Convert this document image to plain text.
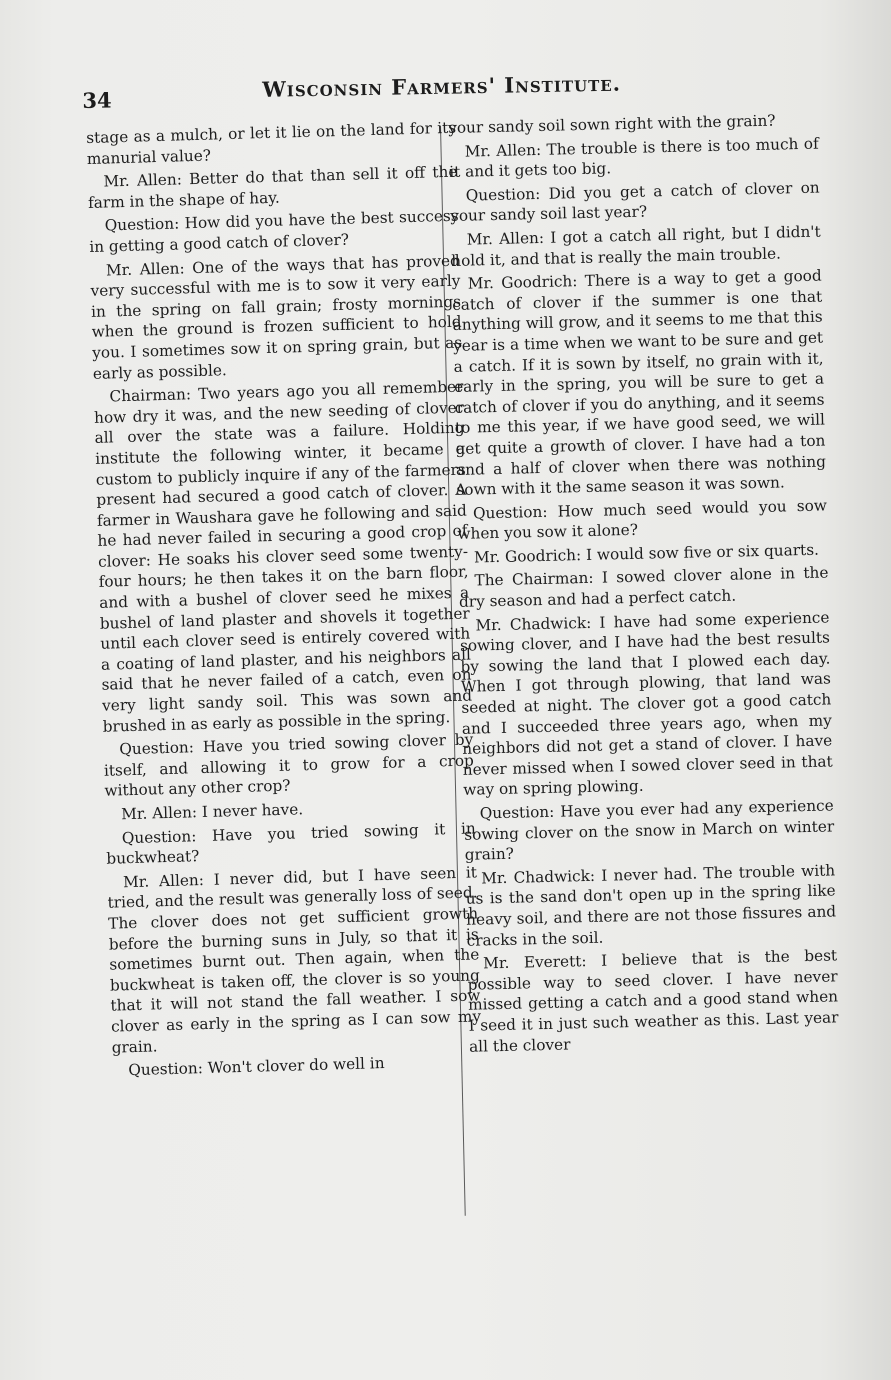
34	Wisconsin Farmers' Institute.

stage as a mulch, or let it lie on the land for its manurial value?

Mr. Allen: Better do that than sell it off the farm in the shape of hay.

Question: How did you have the best success in getting a good catch of clover?

Mr. Allen: One of the ways that has proved very successful with me is to sow it very early in the spring on fall grain; frosty mornings when the ground is frozen sufficient to hold you. I sometimes sow it on spring grain, but as early as possible.

Chairman: Two years ago you all remember how dry it was, and the new seeding of clover all over the state was a failure. Holding institute the following winter, it became a custom to publicly inquire if any of the farmers present had secured a good catch of clover. A farmer in Waushara gave he following and said he had never failed in securing a good crop of clover: He soaks his clover seed some twenty-four hours; he then takes it on the barn floor, and with a bushel of clover seed he mixes a bushel of land plaster and shovels it together until each clover seed is entirely covered with a coating of land plaster, and his neighbors all said that he never failed of a catch, even on very light sandy soil. This was sown and brushed in as early as possible in the spring.

Question: Have you tried sowing clover by itself, and allowing it to grow for a crop without any other crop?

Mr. Allen: I never have.

Question: Have you tried sowing it in buckwheat?

Mr. Allen: I never did, but I have seen it tried, and the result was generally loss of seed. The clover does not get sufficient growth before the burning suns in July, so that it is sometimes burnt out. Then again, when the buckwheat is taken off, the clover is so young that it will not stand the fall weather. I sow clover as early in the spring as I can sow my grain.

Question: Won't clover do well in

your sandy soil sown right with the grain?

Mr. Allen: The trouble is there is too much of it and it gets too big.

Question: Did you get a catch of clover on your sandy soil last year?

Mr. Allen: I got a catch all right, but I didn't hold it, and that is really the main trouble.

Mr. Goodrich: There is a way to get a good catch of clover if the summer is one that anything will grow, and it seems to me that this year is a time when we want to be sure and get a catch. If it is sown by itself, no grain with it, early in the spring, you will be sure to get a catch of clover if you do anything, and it seems to me this year, if we have good seed, we will get quite a growth of clover. I have had a ton and a half of clover when there was nothing sown with it the same season it was sown.

Question: How much seed would you sow when you sow it alone?

Mr. Goodrich: I would sow five or six quarts.

The Chairman: I sowed clover alone in the dry season and had a perfect catch.

Mr. Chadwick: I have had some experience sowing clover, and I have had the best results by sowing the land that I plowed each day. When I got through plowing, that land was seeded at night. The clover got a good catch and I succeeded three years ago, when my neighbors did not get a stand of clover. I have never missed when I sowed clover seed in that way on spring plowing.

Question: Have you ever had any experience sowing clover on the snow in March on winter grain?

Mr. Chadwick: I never had. The trouble with us is the sand don't open up in the spring like heavy soil, and there are not those fissures and cracks in the soil.

Mr. Everett: I believe that is the best possible way to seed clover. I have never missed getting a catch and a good stand when I seed it in just such weather as this. Last year all the clover
